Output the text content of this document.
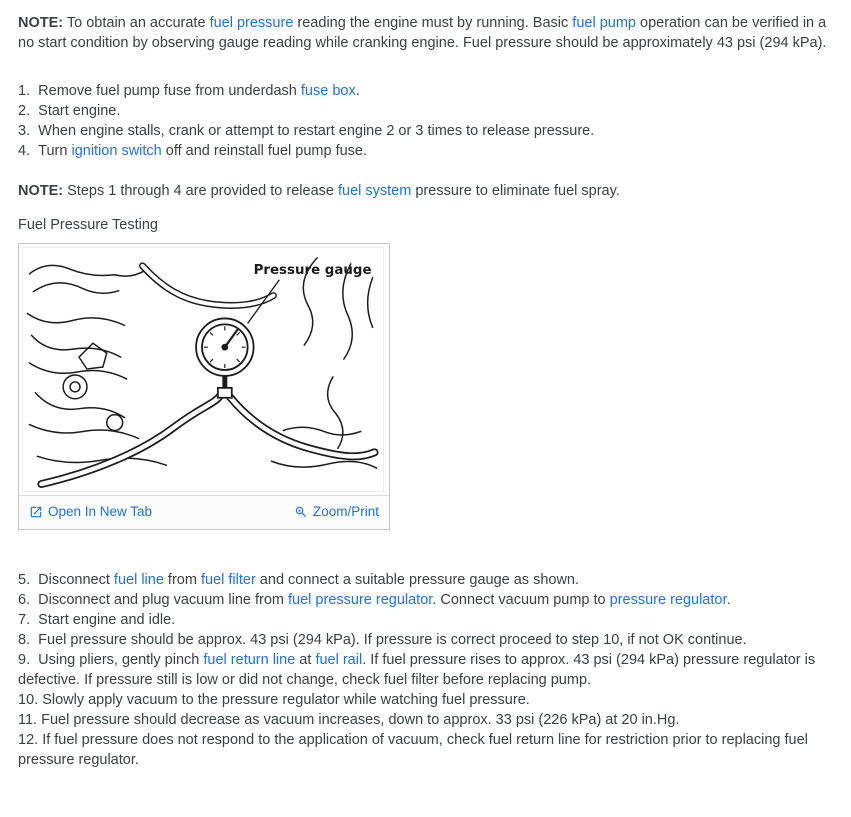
NOTE: To obtain an accurate fuel pressure reading the engine must by running. Basic fuel pump operation can be verified in a no start condition by observing gauge reading while cranking engine. Fuel pressure should be approximately 43 psi (294 kPa).

1.  Remove fuel pump fuse from underdash fuse box.
2.  Start engine.
3.  When engine stalls, crank or attempt to restart engine 2 or 3 times to release pressure.
4.  Turn ignition switch off and reinstall fuel pump fuse.

NOTE: Steps 1 through 4 are provided to release fuel system pressure to eliminate fuel spray.

Fuel Pressure Testing
Pressure gauge
Open In New Tab	Zoom/Print
5.  Disconnect fuel line from fuel filter and connect a suitable pressure gauge as shown.
6.  Disconnect and plug vacuum line from fuel pressure regulator. Connect vacuum pump to pressure regulator.
7.  Start engine and idle.
8.  Fuel pressure should be approx. 43 psi (294 kPa). If pressure is correct proceed to step 10, if not OK continue.
9.  Using pliers, gently pinch fuel return line at fuel rail. If fuel pressure rises to approx. 43 psi (294 kPa) pressure regulator is defective. If pressure still is low or did not change, check fuel filter before replacing pump.
10. Slowly apply vacuum to the pressure regulator while watching fuel pressure.
11. Fuel pressure should decrease as vacuum increases, down to approx. 33 psi (226 kPa) at 20 in.Hg.
12. If fuel pressure does not respond to the application of vacuum, check fuel return line for restriction prior to replacing fuel pressure regulator.
